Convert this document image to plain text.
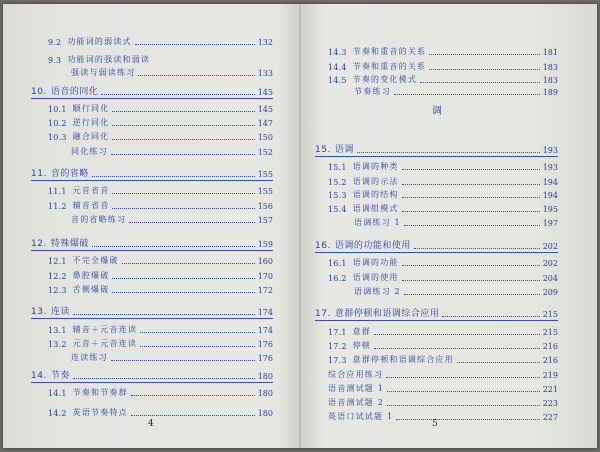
9.2 功能词的弱读式	132
9.3 功能词的强读和弱读
强读与弱读练习	133
10. 语音的同化	145
10.1 顺行同化	145
10.2 逆行同化	147
10.3 融合同化	150
同化练习	152
11. 音的省略	155
11.1 元音省音	155
11.2 辅音省音	156
音的省略练习	157
12. 特殊爆破	159
12.1 不完全爆破	160
12.2 鼻腔爆破	170
12.3 舌侧爆破	172
13. 连读	174
13.1 辅音＋元音连读	174
13.2 元音＋元音连读	176
连读练习	176
14. 节奏	180
14.1 节奏和节奏群	180
14.2 英语节奏特点	180
调
14.3 节奏和重音的关系	181
14.4 节奏和重音的关系	183
14.5 节奏的变化模式	183
节奏练习	189
15. 语调	193
15.1 语调的种类	193
15.2 语调的示法	194
15.3 语调的结构	194
15.4 语调组模式	195
语调练习 1	197
16. 语调的功能和使用	202
16.1 语调的功能	202
16.2 语调的使用	204
语调练习 2	209
17. 意群停顿和语调综合应用	215
17.1 意群	215
17.2 停顿	216
17.3 意群停顿和语调综合应用	216
综合应用练习	219
语音测试题 1	221
语音测试题 2	223
英语口试试题 1	227
4	5
